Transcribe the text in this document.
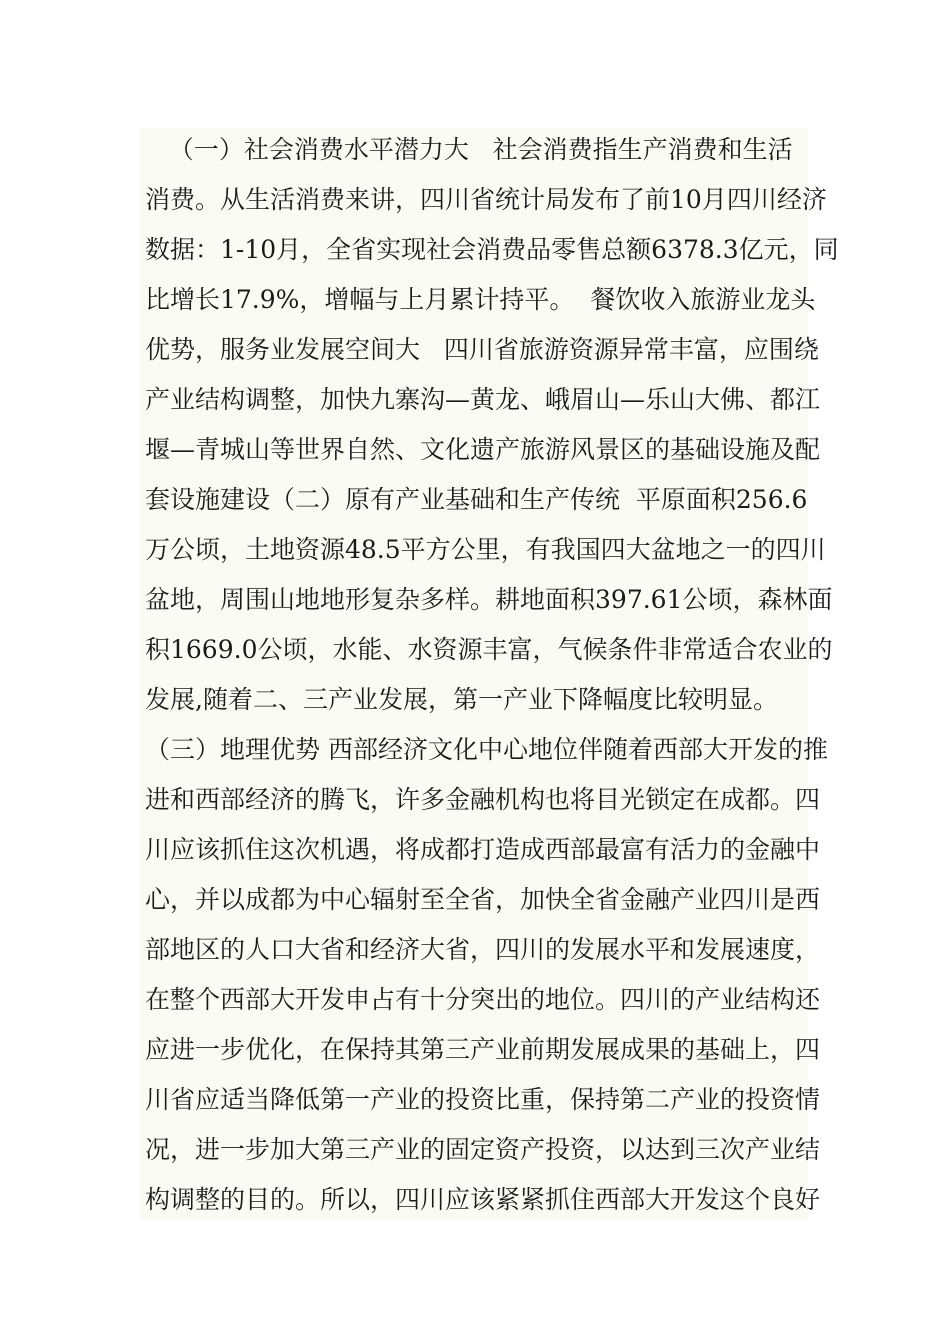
（一）社会消费水平潜力大   社会消费指生产消费和生活
消费。从生活消费来讲，四川省统计局发布了前10月四川经济
数据：1-10月，全省实现社会消费品零售总额6378.3亿元，同
比增长17.9%，增幅与上月累计持平。  餐饮收入旅游业龙头
优势，服务业发展空间大   四川省旅游资源异常丰富，应围绕
产业结构调整，加快九寨沟—黄龙、峨眉山—乐山大佛、都江
堰—青城山等世界自然、文化遗产旅游风景区的基础设施及配
套设施建设（二）原有产业基础和生产传统  平原面积256.6
万公顷，土地资源48.5平方公里，有我国四大盆地之一的四川
盆地，周围山地地形复杂多样。耕地面积397.61公顷，森林面
积1669.0公顷，水能、水资源丰富，气候条件非常适合农业的
发展,随着二、三产业发展，第一产业下降幅度比较明显。
（三）地理优势 西部经济文化中心地位伴随着西部大开发的推
进和西部经济的腾飞，许多金融机构也将目光锁定在成都。四
川应该抓住这次机遇，将成都打造成西部最富有活力的金融中
心，并以成都为中心辐射至全省，加快全省金融产业四川是西
部地区的人口大省和经济大省，四川的发展水平和发展速度，
在整个西部大开发申占有十分突出的地位。四川的产业结构还
应进一步优化，在保持其第三产业前期发展成果的基础上，四
川省应适当降低第一产业的投资比重，保持第二产业的投资情
况，进一步加大第三产业的固定资产投资，以达到三次产业结
构调整的目的。所以，四川应该紧紧抓住西部大开发这个良好
